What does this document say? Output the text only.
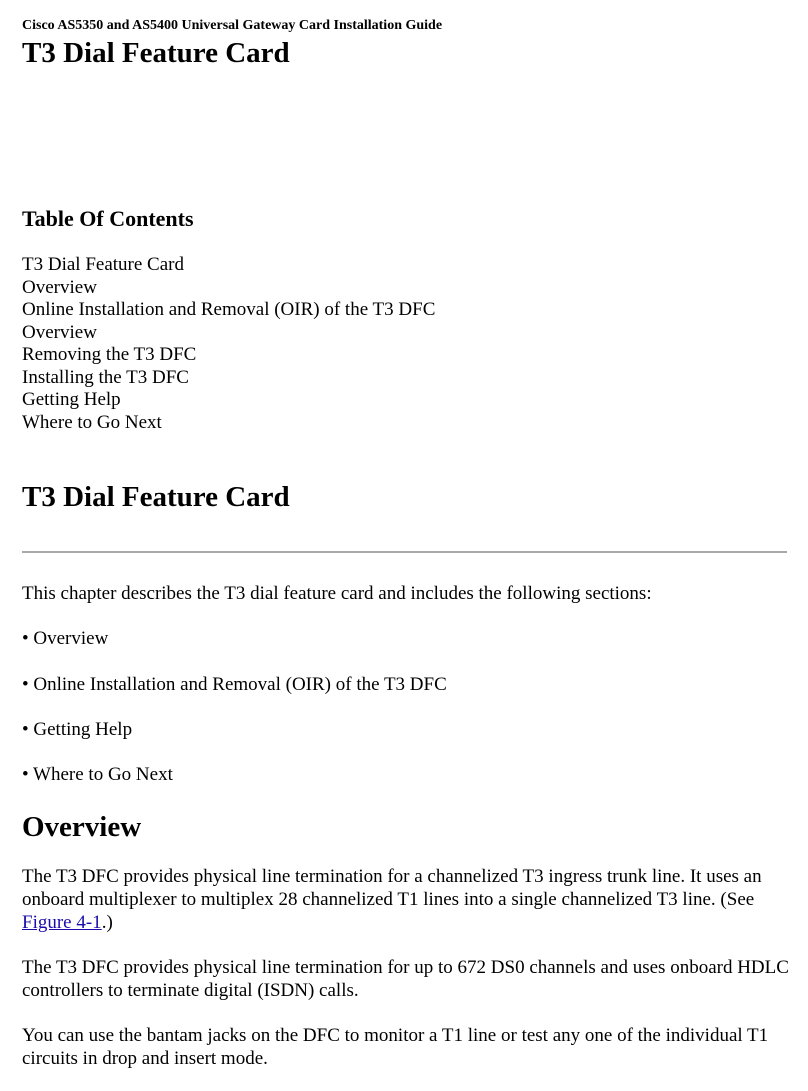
Cisco AS5350 and AS5400 Universal Gateway Card Installation Guide
T3 Dial Feature Card
Table Of Contents
T3 Dial Feature Card
Overview
Online Installation and Removal (OIR) of the T3 DFC
Overview
Removing the T3 DFC
Installing the T3 DFC
Getting Help
Where to Go Next
T3 Dial Feature Card

This chapter describes the T3 dial feature card and includes the following sections:

• Overview

• Online Installation and Removal (OIR) of the T3 DFC

• Getting Help

• Where to Go Next

Overview

The T3 DFC provides physical line termination for a channelized T3 ingress trunk line. It uses an onboard multiplexer to multiplex 28 channelized T1 lines into a single channelized T3 line. (See Figure 4-1.)

The T3 DFC provides physical line termination for up to 672 DS0 channels and uses onboard HDLC controllers to terminate digital (ISDN) calls.

You can use the bantam jacks on the DFC to monitor a T1 line or test any one of the individual T1 circuits in drop and insert mode.
